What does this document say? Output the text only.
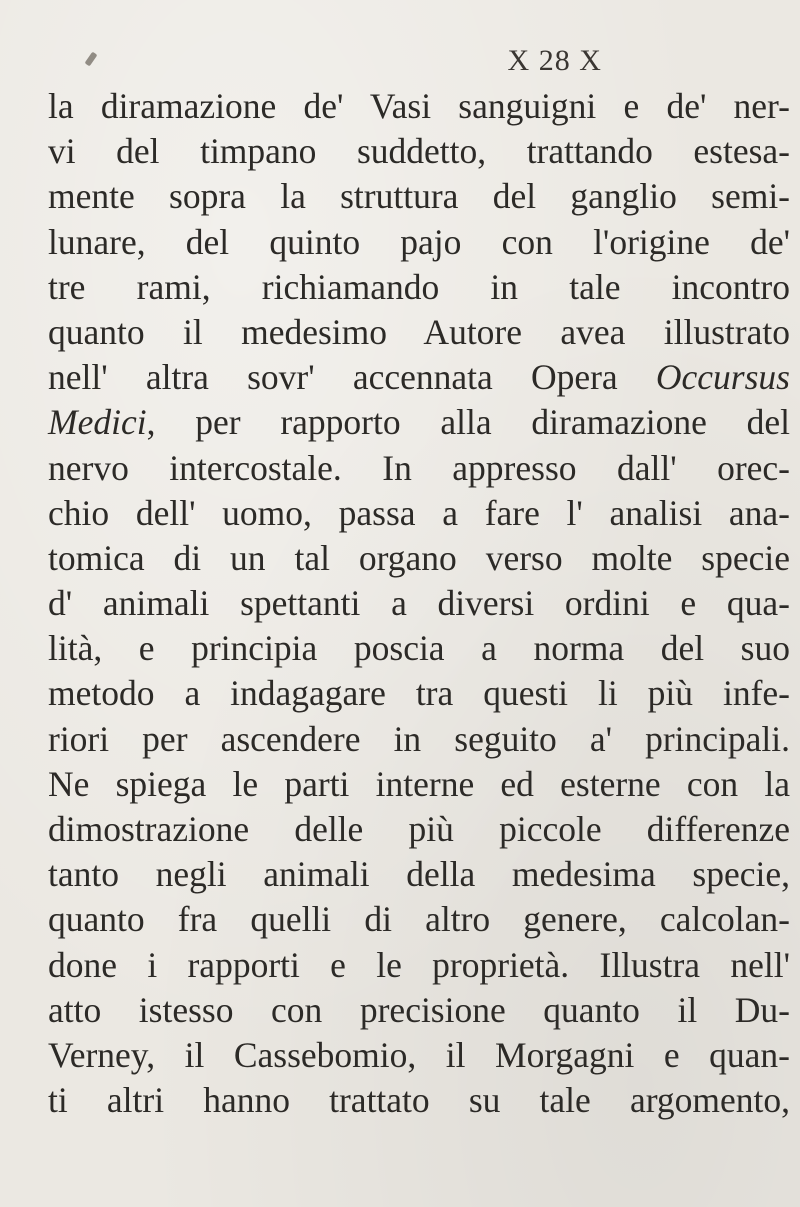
X 28 X
la diramazione de' Vasi sanguigni e de' ner-
vi del timpano suddetto, trattando estesa-
mente sopra la struttura del ganglio semi-
lunare, del quinto pajo con l'origine de'
tre rami, richiamando in tale incontro
quanto il medesimo Autore avea illustrato
nell' altra sovr' accennata Opera Occursus
Medici, per rapporto alla diramazione del
nervo intercostale. In appresso dall' orec-
chio dell' uomo, passa a fare l' analisi ana-
tomica di un tal organo verso molte specie
d' animali spettanti a diversi ordini e qua-
lità, e principia poscia a norma del suo
metodo a indagagare tra questi li più infe-
riori per ascendere in seguito a' principali.
Ne spiega le parti interne ed esterne con la
dimostrazione delle più piccole differenze
tanto negli animali della medesima specie,
quanto fra quelli di altro genere, calcolan-
done i rapporti e le proprietà. Illustra nell'
atto istesso con precisione quanto il Du-
Verney, il Cassebomio, il Morgagni e quan-
ti altri hanno trattato su tale argomento,
